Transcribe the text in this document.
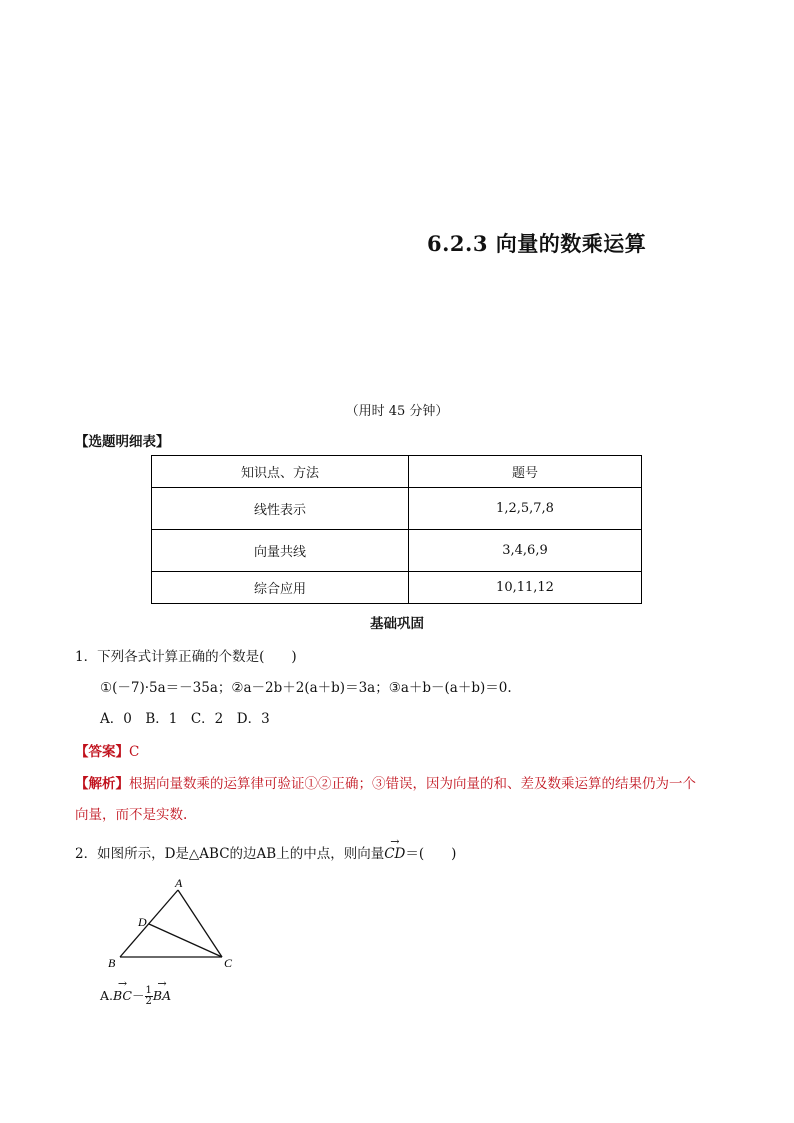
6.2.3 向量的数乘运算
（用时 45 分钟）
【选题明细表】
知识点、方法	题号
线性表示	1,2,5,7,8
向量共线	3,4,6,9
综合应用	10,11,12
基础巩固
1．下列各式计算正确的个数是(　　)
①(－7)·5a＝－35a；②a－2b＋2(a＋b)＝3a；③a＋b－(a＋b)＝0.
A．0　B．1　C．2　D．3
【答案】C
【解析】根据向量数乘的运算律可验证①②正确；③错误，因为向量的和、差及数乘运算的结果仍为一个
向量，而不是实数.
2．如图所示，D是△ABC的边AB上的中点，则向量→ CD＝(　　)
A
D
B	C
$A.\to BC- \frac{1}{2}$ → BA
